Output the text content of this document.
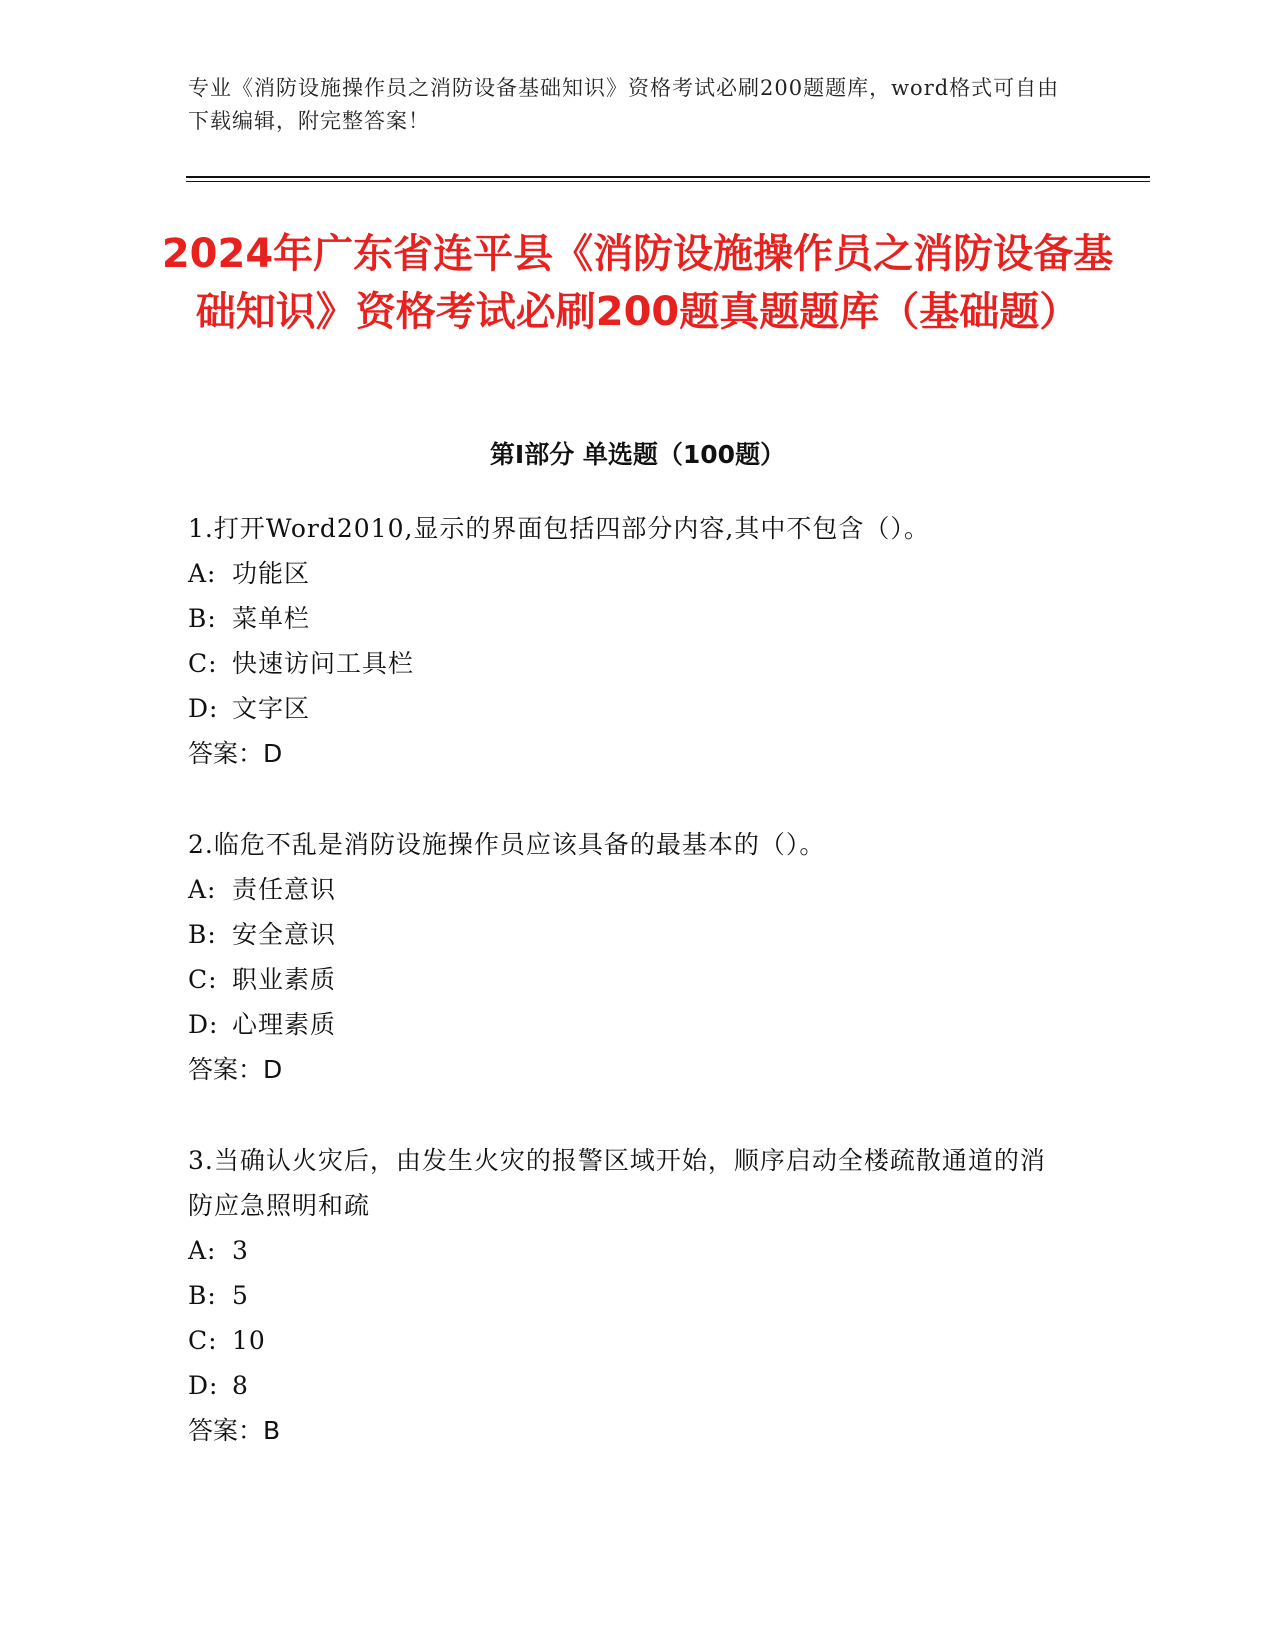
专业《消防设施操作员之消防设备基础知识》资格考试必刷200题题库，word格式可自由下载编辑，附完整答案！
2024年广东省连平县《消防设施操作员之消防设备基础知识》资格考试必刷200题真题题库（基础题）
第Ⅰ部分 单选题（100题）

1.打开Word2010,显示的界面包括四部分内容,其中不包含（）。

A: 功能区

B: 菜单栏

C: 快速访问工具栏

D: 文字区

答案：D

2.临危不乱是消防设施操作员应该具备的最基本的（）。

A: 责任意识

B: 安全意识

C: 职业素质

D: 心理素质

答案：D

3.当确认火灾后，由发生火灾的报警区域开始，顺序启动全楼疏散通道的消防应急照明和疏

A: 3

B: 5

C: 10

D: 8

答案：B
